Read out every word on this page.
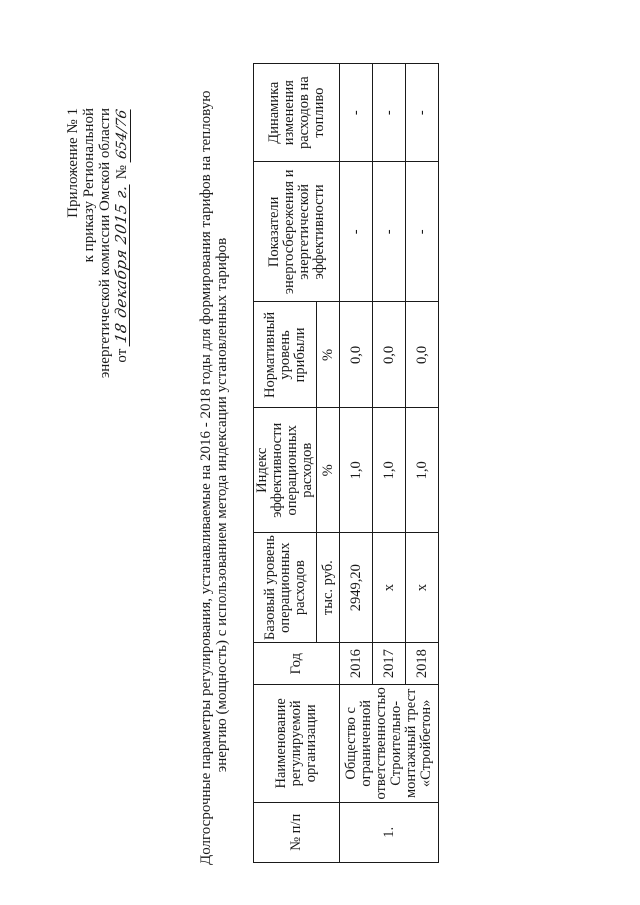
Приложение № 1 к приказу Региональной энергетической комиссии Омской области от 18 декабря 2015 г. № 654/76	Долгосрочные параметры регулирования, устанавливаемые на 2016 - 2018 годы для формирования тарифов на тепловую энергию (мощность) с использованием метода индексации установленных тарифов
№ п/п	Наименование регулируемой организации	Год	Базовый уровень операционных расходов	Индекс эффективности операционных расходов	Нормативный уровень прибыли	Показатели энергосбережения и энергетической эффективности	Динамика изменения расходов на топливо
			тыс. руб.	%	%		
1.	Общество с ограниченной ответственностью Строительно-монтажный трест «Стройбетон»	2016	2949,20	1,0	0,0	-	-
		2017	x	1,0	0,0	-	-
		2018	x	1,0	0,0	-	-
